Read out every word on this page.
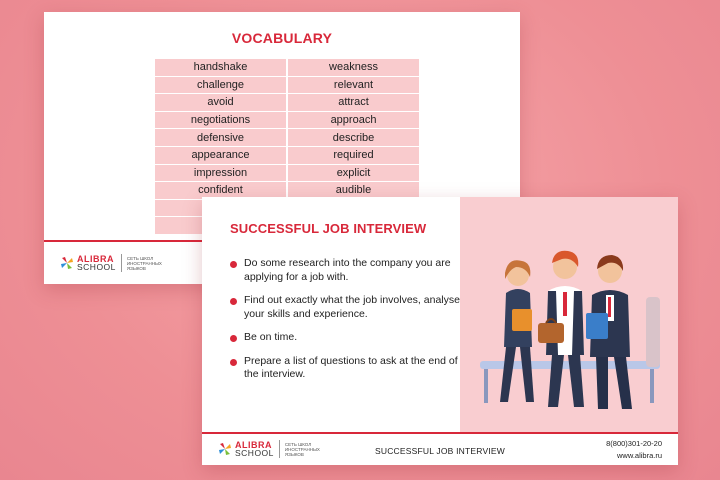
VOCABULARY
handshake	weakness
challenge	relevant
avoid	attract
negotiations	approach
defensive	describe
appearance	required
impression	explicit
confident	audible

ALIBRA
SCHOOL
СЕТЬ ШКОЛ ИНОСТРАННЫХ ЯЗЫКОВ
SUCCESSFUL JOB INTERVIEW
Do some research into the company you are applying for a job with.
Find out exactly what the job involves, analyse your skills and experience.
Be on time.
Prepare a list of questions to ask at the end of the interview.
ALIBRA
SCHOOL
СЕТЬ ШКОЛ ИНОСТРАННЫХ ЯЗЫКОВ	SUCCESSFUL JOB INTERVIEW
8(800)301-20-20
www.alibra.ru
